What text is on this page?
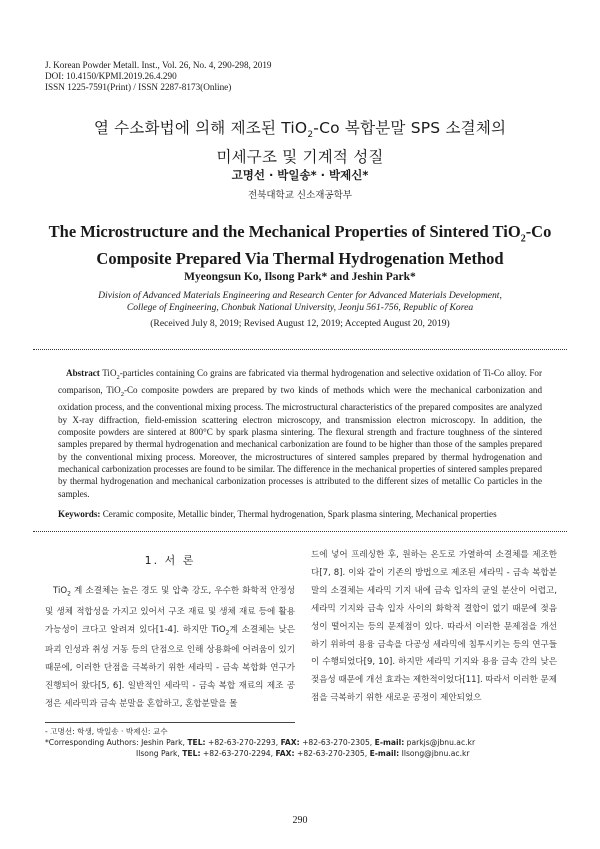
J. Korean Powder Metall. Inst., Vol. 26, No. 4, 290-298, 2019
DOI: 10.4150/KPMI.2019.26.4.290
ISSN 1225-7591(Print) / ISSN 2287-8173(Online)
열 수소화법에 의해 제조된 TiO$_2$-Co 복합분말 SPS 소결체의
미세구조 및 기계적 성질
고명선 · 박일송* · 박제신*
전북대학교 신소재공학부
The Microstructure and the Mechanical Properties of Sintered TiO$_2$-Co
Composite Prepared Via Thermal Hydrogenation Method
Myeongsun Ko, Ilsong Park* and Jeshin Park*
Division of Advanced Materials Engineering and Research Center for Advanced Materials Development,
College of Engineering, Chonbuk National University, Jeonju 561-756, Republic of Korea
(Received July 8, 2019; Revised August 12, 2019; Accepted August 20, 2019)
Abstract TiO$_2$-particles containing Co grains are fabricated via thermal hydrogenation and selective oxidation of Ti-Co alloy. For comparison, TiO$_2$-Co composite powders are prepared by two kinds of methods which were the mechanical carbonization and oxidation process, and the conventional mixing process. The microstructural characteristics of the prepared composites are analyzed by X-ray diffraction, field-emission scattering electron microscopy, and transmission electron microscopy. In addition, the composite powders are sintered at 800°C by spark plasma sintering. The flexural strength and fracture toughness of the sintered samples prepared by thermal hydrogenation and mechanical carbonization are found to be higher than those of the samples prepared by the conventional mixing process. Moreover, the microstructures of sintered samples prepared by thermal hydrogenation and mechanical carbonization processes are found to be similar. The difference in the mechanical properties of sintered samples prepared by thermal hydrogenation and mechanical carbonization processes is attributed to the different sizes of metallic Co particles in the samples.
Keywords: Ceramic composite, Metallic binder, Thermal hydrogenation, Spark plasma sintering, Mechanical properties
1. 서 론
TiO$_2$ 계 소결체는 높은 경도 및 압축 강도, 우수한 화학적 안정성 및 생체 적합성을 가지고 있어서 구조 재료 및 생체 재료 등에 활용 가능성이 크다고 알려져 있다[1-4]. 하지만 TiO$_2$계 소결체는 낮은 파괴 인성과 취성 거동 등의 단점으로 인해 상용화에 어려움이 있기 때문에, 이러한 단점을 극복하기 위한 세라믹 - 금속 복합화 연구가 진행되어 왔다[5, 6]. 일반적인 세라믹 - 금속 복합 재료의 제조 공정은 세라믹과 금속 분말을 혼합하고, 혼합분말을 몰
드에 넣어 프레싱한 후, 원하는 온도로 가열하여 소결체를 제조한다[7, 8]. 이와 같이 기존의 방법으로 제조된 세라믹 - 금속 복합분말의 소결체는 세라믹 기지 내에 금속 입자의 균일 분산이 어렵고, 세라믹 기지와 금속 입자 사이의 화학적 결합이 없기 때문에 젖음성이 떨어지는 등의 문제점이 있다. 따라서 이러한 문제점을 개선하기 위하여 용융 금속을 다공성 세라믹에 침투시키는 등의 연구들이 수행되었다[9, 10]. 하지만 세라믹 기지와 용융 금속 간의 낮은 젖음성 때문에 개선 효과는 제한적이었다[11]. 따라서 이러한 문제점을 극복하기 위한 새로운 공정이 제안되었으
- 고명선: 학생, 박일송 · 박제신: 교수
*Corresponding Authors: Jeshin Park, TEL: +82-63-270-2293, FAX: +82-63-270-2305, E-mail: parkjs@jbnu.ac.kr
Ilsong Park, TEL: +82-63-270-2294, FAX: +82-63-270-2305, E-mail: Ilsong@jbnu.ac.kr
290
